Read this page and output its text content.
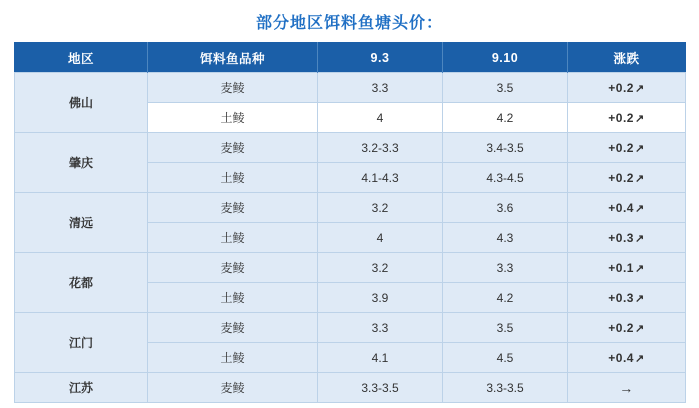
部分地区饵料鱼塘头价：
地区	饵料鱼品种	9.3	9.10	涨跌
佛山	麦鲮	3.3	3.5	+0.2↗
	土鲮	4	4.2	+0.2↗
肇庆	麦鲮	3.2-3.3	3.4-3.5	+0.2↗
	土鲮	4.1-4.3	4.3-4.5	+0.2↗
清远	麦鲮	3.2	3.6	+0.4↗
	土鲮	4	4.3	+0.3↗
花都	麦鲮	3.2	3.3	+0.1↗
	土鲮	3.9	4.2	+0.3↗
江门	麦鲮	3.3	3.5	+0.2↗
	土鲮	4.1	4.5	+0.4↗
江苏	麦鲮	3.3-3.5	3.3-3.5	→
